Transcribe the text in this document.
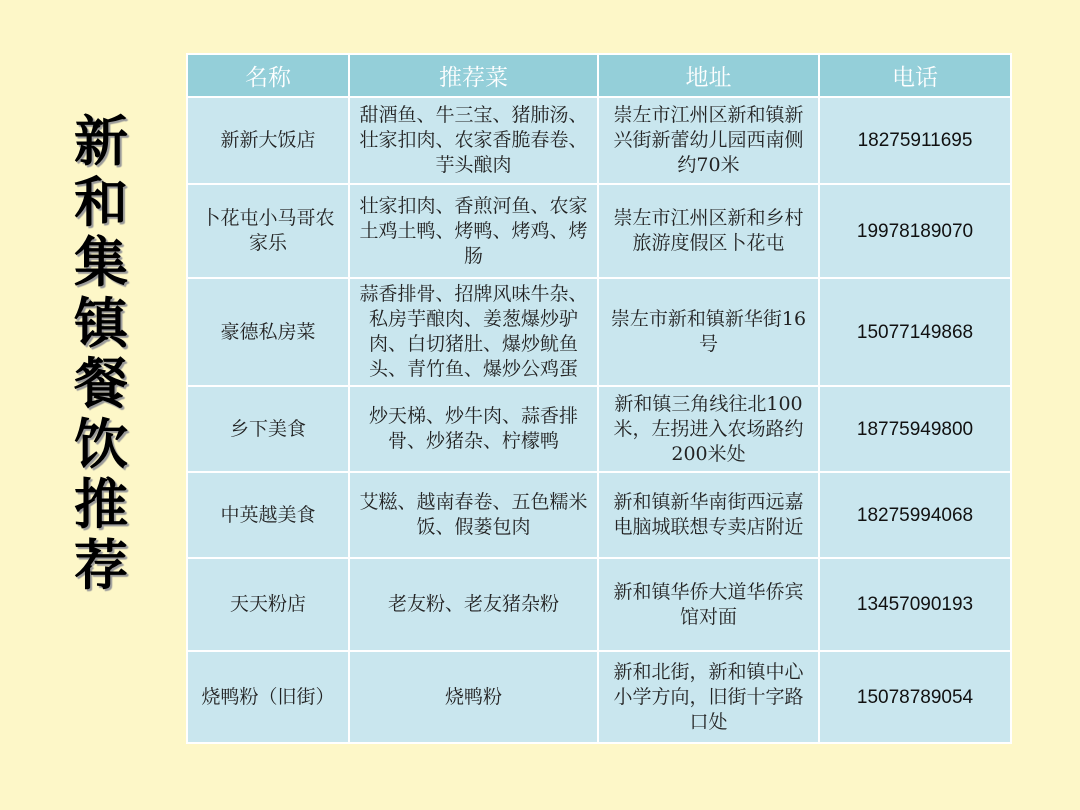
新
和
集
镇
餐
饮
推
荐
名称	推荐菜	地址	电话
新新大饭店	甜酒鱼、牛三宝、猪肺汤、壮家扣肉、农家香脆春卷、芋头酿肉	崇左市江州区新和镇新兴街新蕾幼儿园西南侧约70米	18275911695
卜花屯小马哥农家乐	壮家扣肉、香煎河鱼、农家土鸡土鸭、烤鸭、烤鸡、烤肠	崇左市江州区新和乡村旅游度假区卜花屯	19978189070
豪德私房菜	蒜香排骨、招牌风味牛杂、私房芋酿肉、姜葱爆炒驴肉、白切猪肚、爆炒鱿鱼头、青竹鱼、爆炒公鸡蛋	崇左市新和镇新华街16号	15077149868
乡下美食	炒天梯、炒牛肉、蒜香排骨、炒猪杂、柠檬鸭	新和镇三角线往北100米，左拐进入农场路约200米处	18775949800
中英越美食	艾糍、越南春卷、五色糯米饭、假蒌包肉	新和镇新华南街西远嘉电脑城联想专卖店附近	18275994068
天天粉店	老友粉、老友猪杂粉	新和镇华侨大道华侨宾馆对面	13457090193
烧鸭粉（旧街）	烧鸭粉	新和北街，新和镇中心小学方向，旧街十字路口处	15078789054
